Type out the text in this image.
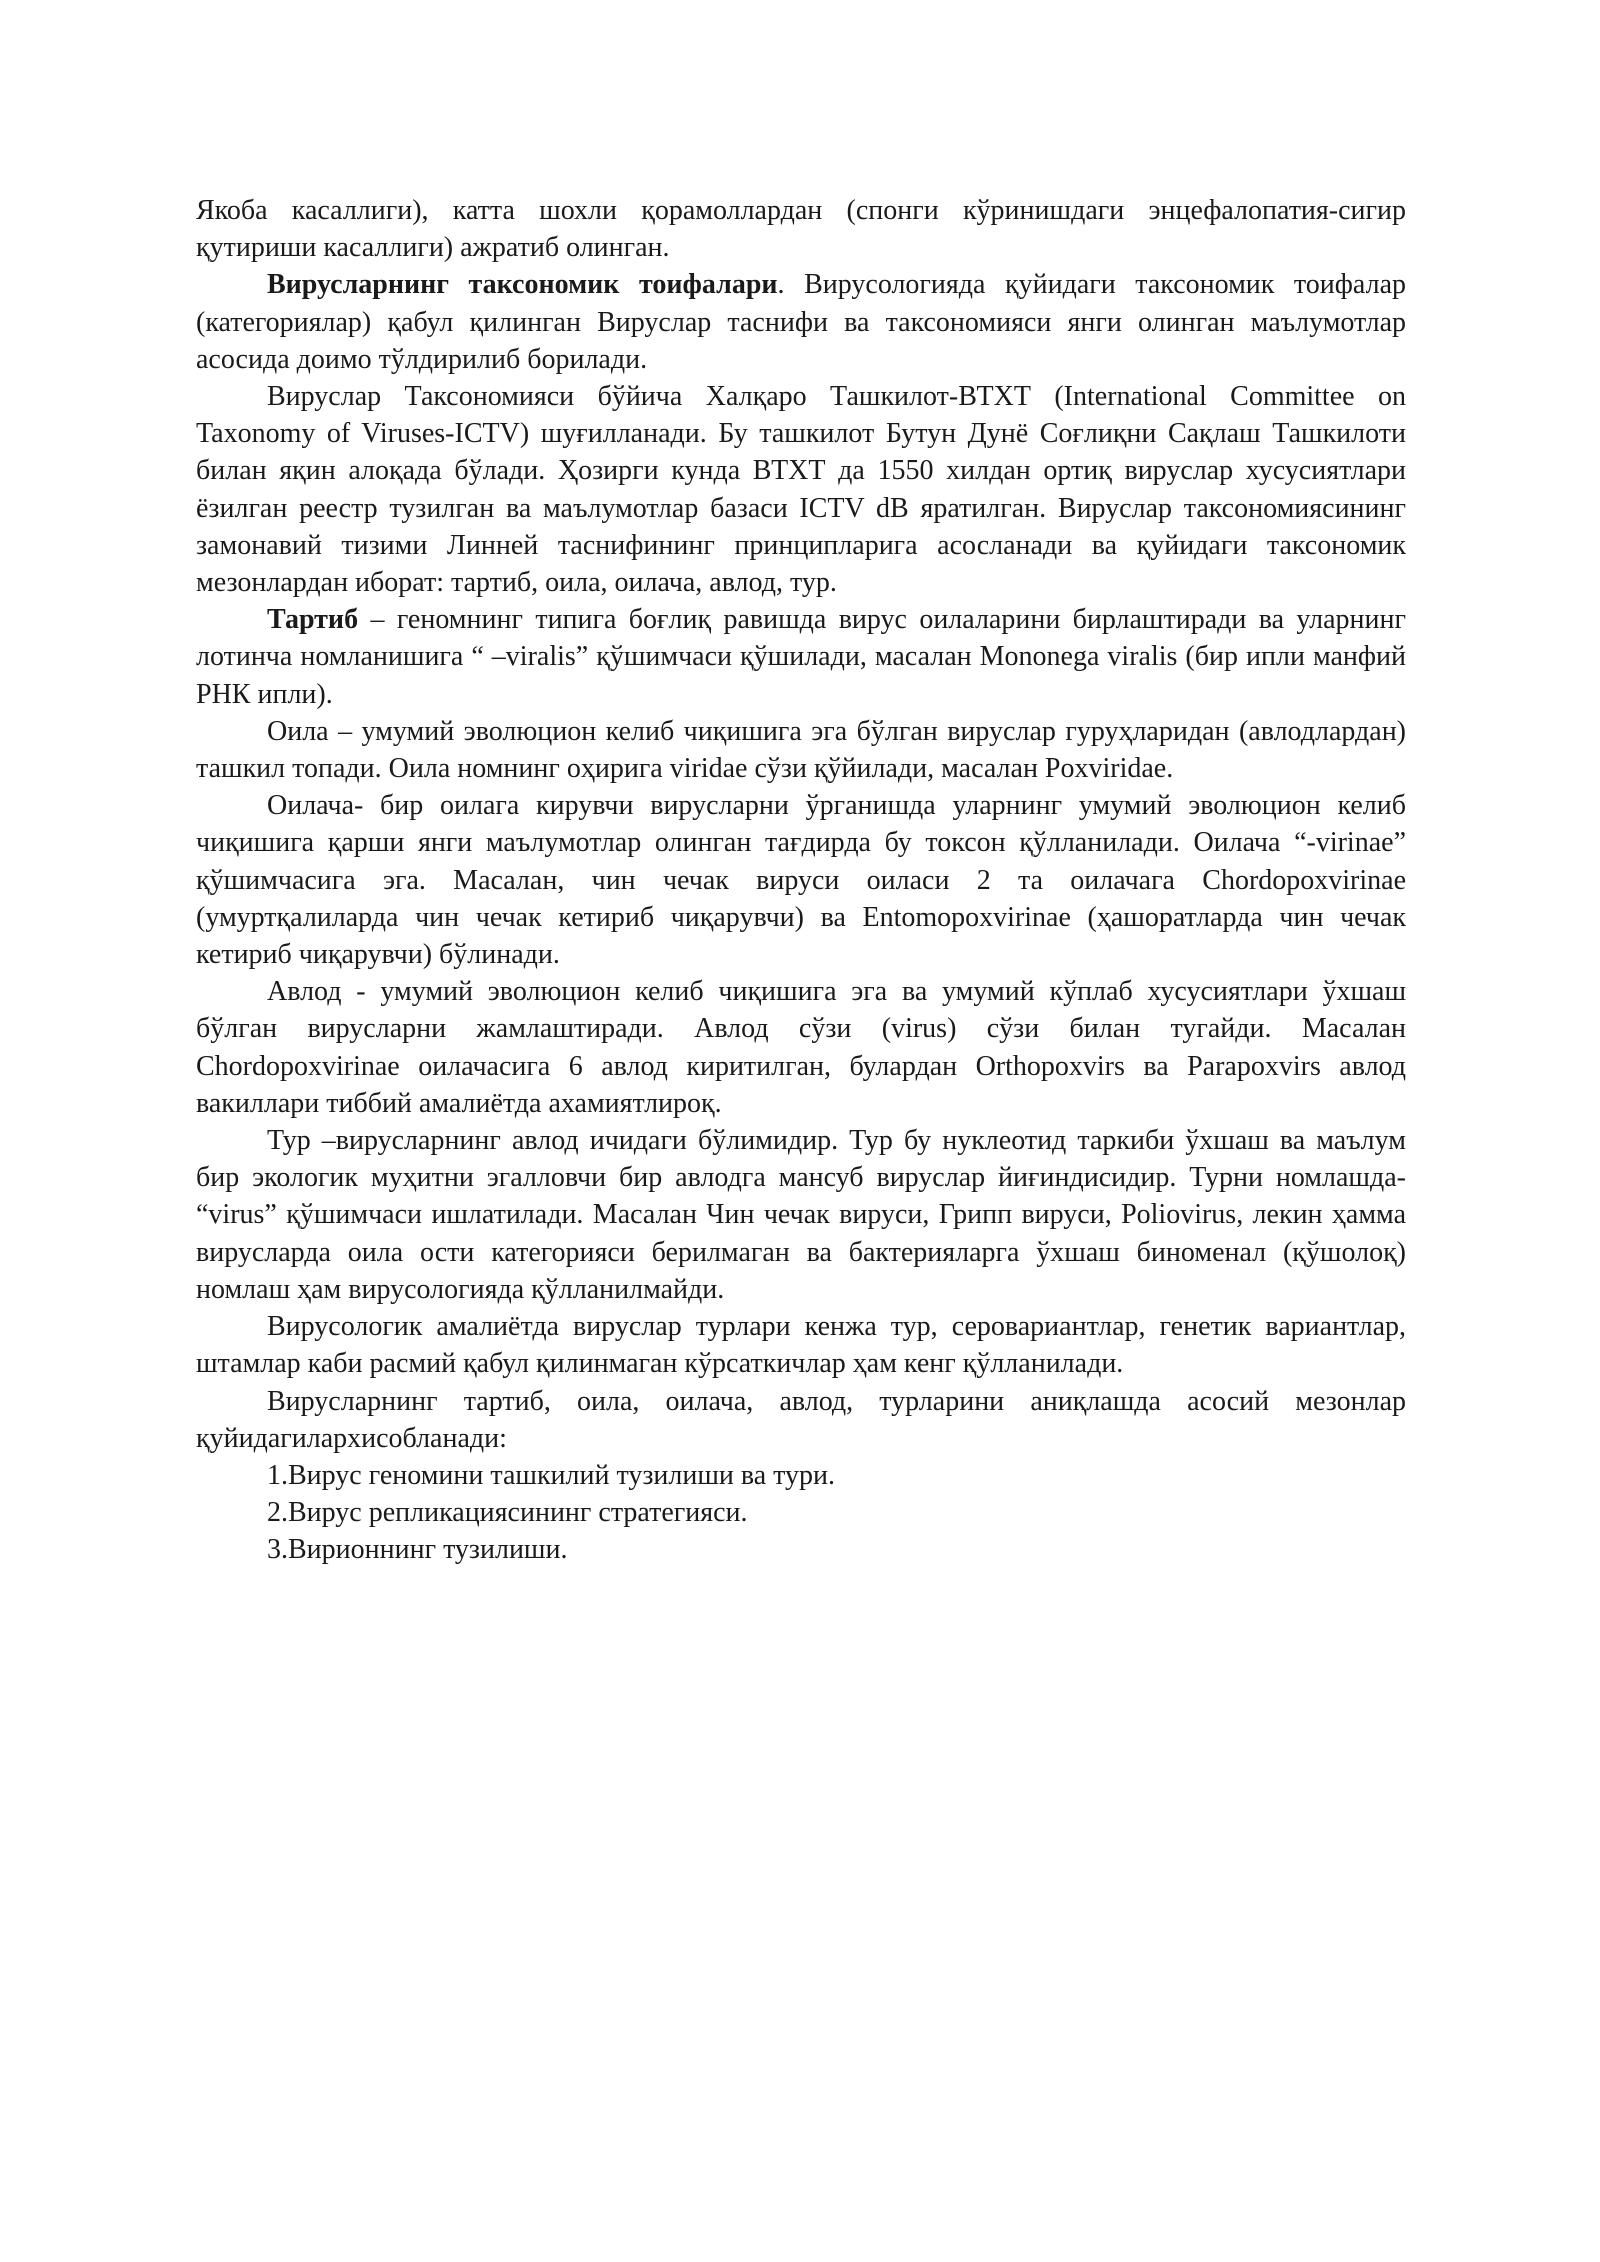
Якоба касаллиги), катта шохли қорамоллардан (спонги кўринишдаги энцефалопатия-сигир қутириши касаллиги) ажратиб олинган.

Вирусларнинг таксономик тоифалари. Вирусологияда қуйидаги таксономик тоифалар (категориялар) қабул қилинган Вируслар таснифи ва таксономияси янги олинган маълумотлар асосида доимо тўлдирилиб борилади.

Вируслар Таксономияси бўйича Халқаро Ташкилот-ВТХТ (International Committee on Taxonomy of Viruses-ICTV) шуғилланади. Бу ташкилот Бутун Дунё Соғлиқни Сақлаш Ташкилоти билан яқин алоқада бўлади. Ҳозирги кунда ВТХТ да 1550 хилдан ортиқ вируслар хусусиятлари ёзилган реестр тузилган ва маълумотлар базаси ICTV dB яратилган. Вируслар таксономиясининг замонавий тизими Линней таснифининг принципларига асосланади ва қуйидаги таксономик мезонлардан иборат: тартиб, оила, оилача, авлод, тур.

Тартиб – геномнинг типига боғлиқ равишда вирус оилаларини бирлаштиради ва уларнинг лотинча номланишига “ –viralis” қўшимчаси қўшилади, масалан Mononega viralis (бир ипли манфий РНК ипли).

Оила – умумий эволюцион келиб чиқишига эга бўлган вируслар гуруҳларидан (авлодлардан) ташкил топади. Оила номнинг оҳирига viridae сўзи қўйилади, масалан Poxviridae.

Оилача- бир оилага кирувчи вирусларни ўрганишда уларнинг умумий эволюцион келиб чиқишига қарши янги маълумотлар олинган тағдирда бу токсон қўлланилади. Оилача “-virinae” қўшимчасига эга. Масалан, чин чечак вируси оиласи 2 та оилачага Chordopoxvirinae (умуртқалиларда чин чечак кетириб чиқарувчи) ва Entomopoxvirinae (ҳашоратларда чин чечак кетириб чиқарувчи) бўлинади.

Авлод - умумий эволюцион келиб чиқишига эга ва умумий кўплаб хусусиятлари ўхшаш бўлган вирусларни жамлаштиради. Авлод сўзи (virus) сўзи билан тугайди. Масалан Chordopoxvirinae оилачасига 6 авлод киритилган, булардан Orthopoxvirs ва Parapoxvirs авлод вакиллари тиббий амалиётда ахамиятлироқ.

Тур –вирусларнинг авлод ичидаги бўлимидир. Тур бу нуклеотид таркиби ўхшаш ва маълум бир экологик муҳитни эгалловчи бир авлодга мансуб вируслар йиғиндисидир. Турни номлашда- “virus” қўшимчаси ишлатилади. Масалан Чин чечак вируси, Грипп вируси, Poliovirus, лекин ҳамма вирусларда оила ости категорияси берилмаган ва бактерияларга ўхшаш биноменал (қўшолоқ) номлаш ҳам вирусологияда қўлланилмайди.

Вирусологик амалиётда вируслар турлари кенжа тур, серовариантлар, генетик вариантлар, штамлар каби расмий қабул қилинмаган кўрсаткичлар ҳам кенг қўлланилади.

Вирусларнинг тартиб, оила, оилача, авлод, турларини аниқлашда асосий мезонлар қуйидагилархисобланади:

1.Вирус геномини ташкилий тузилиши ва тури.

2.Вирус репликациясининг стратегияси.

3.Вирионнинг тузилиши.
